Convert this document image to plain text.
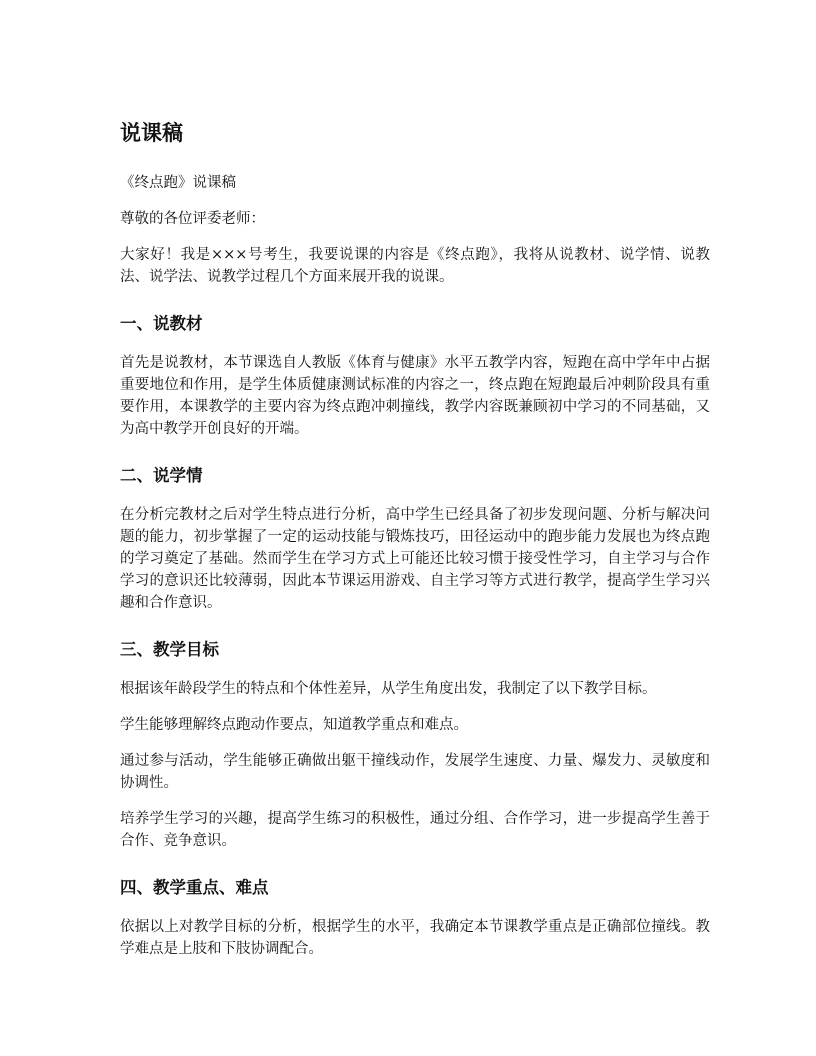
说课稿

《终点跑》说课稿

尊敬的各位评委老师：

大家好！我是×××号考生，我要说课的内容是《终点跑》，我将从说教材、说学情、说教法、说学法、说教学过程几个方面来展开我的说课。

一、说教材

首先是说教材，本节课选自人教版《体育与健康》水平五教学内容，短跑在高中学年中占据重要地位和作用，是学生体质健康测试标准的内容之一，终点跑在短跑最后冲刺阶段具有重要作用，本课教学的主要内容为终点跑冲刺撞线，教学内容既兼顾初中学习的不同基础，又为高中教学开创良好的开端。

二、说学情

在分析完教材之后对学生特点进行分析，高中学生已经具备了初步发现问题、分析与解决问题的能力，初步掌握了一定的运动技能与锻炼技巧，田径运动中的跑步能力发展也为终点跑的学习奠定了基础。然而学生在学习方式上可能还比较习惯于接受性学习，自主学习与合作学习的意识还比较薄弱，因此本节课运用游戏、自主学习等方式进行教学，提高学生学习兴趣和合作意识。

三、教学目标

根据该年龄段学生的特点和个体性差异，从学生角度出发，我制定了以下教学目标。

学生能够理解终点跑动作要点，知道教学重点和难点。

通过参与活动，学生能够正确做出躯干撞线动作，发展学生速度、力量、爆发力、灵敏度和协调性。

培养学生学习的兴趣，提高学生练习的积极性，通过分组、合作学习，进一步提高学生善于合作、竞争意识。

四、教学重点、难点

依据以上对教学目标的分析，根据学生的水平，我确定本节课教学重点是正确部位撞线。教学难点是上肢和下肢协调配合。
